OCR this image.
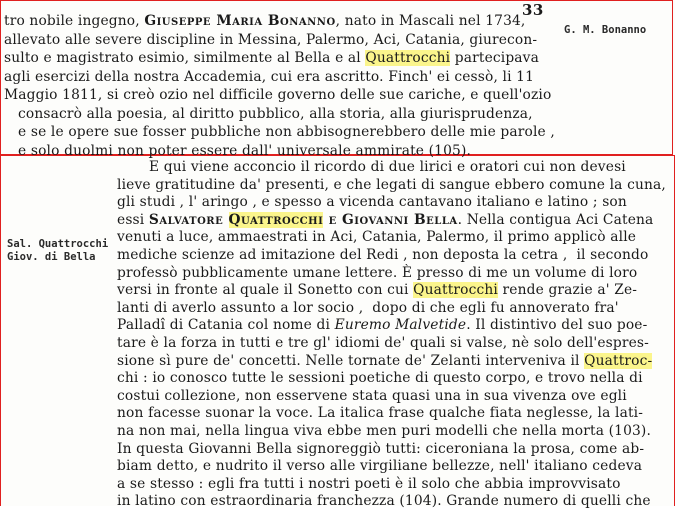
33
G. M. Bonanno
Sal. Quattrocchi
Giov. di Bella
tro nobile ingegno, Giuseppe Maria Bonanno, nato in Mascali nel 1734,
allevato alle severe discipline in Messina, Palermo, Aci, Catania, giurecon-
sulto e magistrato esimio, similmente al Bella e al Quattrocchi partecipava
agli esercizi della nostra Accademia, cui era ascritto. Finch' ei cessò, li 11
Maggio 1811, si creò ozio nel difficile governo delle sue cariche, e quell'ozio
consacrò alla poesia, al diritto pubblico, alla storia, alla giurisprudenza,
e se le opere sue fosser pubbliche non abbisognerebbero delle mie parole ,
e solo duolmi non poter essere dall' universale ammirate (105).
E qui viene acconcio il ricordo di due lirici e oratori cui non devesi
lieve gratitudine da' presenti, e che legati di sangue ebbero comune la cuna,
gli studi , l' aringo , e spesso a vicenda cantavano italiano e latino ; son
essi Salvatore Quattrocchi e Giovanni Bella. Nella contigua Aci Catena
venuti a luce, ammaestrati in Aci, Catania, Palermo, il primo applicò alle
mediche scienze ad imitazione del Redi , non deposta la cetra ,  il secondo
professò pubblicamente umane lettere. È presso di me un volume di loro
versi in fronte al quale il Sonetto con cui Quattrocchi rende grazie a' Ze-
lanti di averlo assunto a lor socio ,  dopo di che egli fu annoverato fra'
Palladî di Catania col nome di Euremo Malvetide. Il distintivo del suo poe-
tare è la forza in tutti e tre gl' idiomi de' quali si valse, nè solo dell'espres-
sione sì pure de' concetti. Nelle tornate de' Zelanti interveniva il Quattroc-
chi : io conosco tutte le sessioni poetiche di questo corpo, e trovo nella di
costui collezione, non esservene stata quasi una in sua vivenza ove egli
non facesse suonar la voce. La italica frase qualche fiata neglesse, la lati-
na non mai, nella lingua viva ebbe men puri modelli che nella morta (103).
In questa Giovanni Bella signoreggiò tutti: ciceroniana la prosa, come ab-
biam detto, e nudrito il verso alle virgiliane bellezze, nell' italiano cedeva
a se stesso : egli fra tutti i nostri poeti è il solo che abbia improvvisato
in latino con estraordinaria franchezza (104). Grande numero di quelli che
